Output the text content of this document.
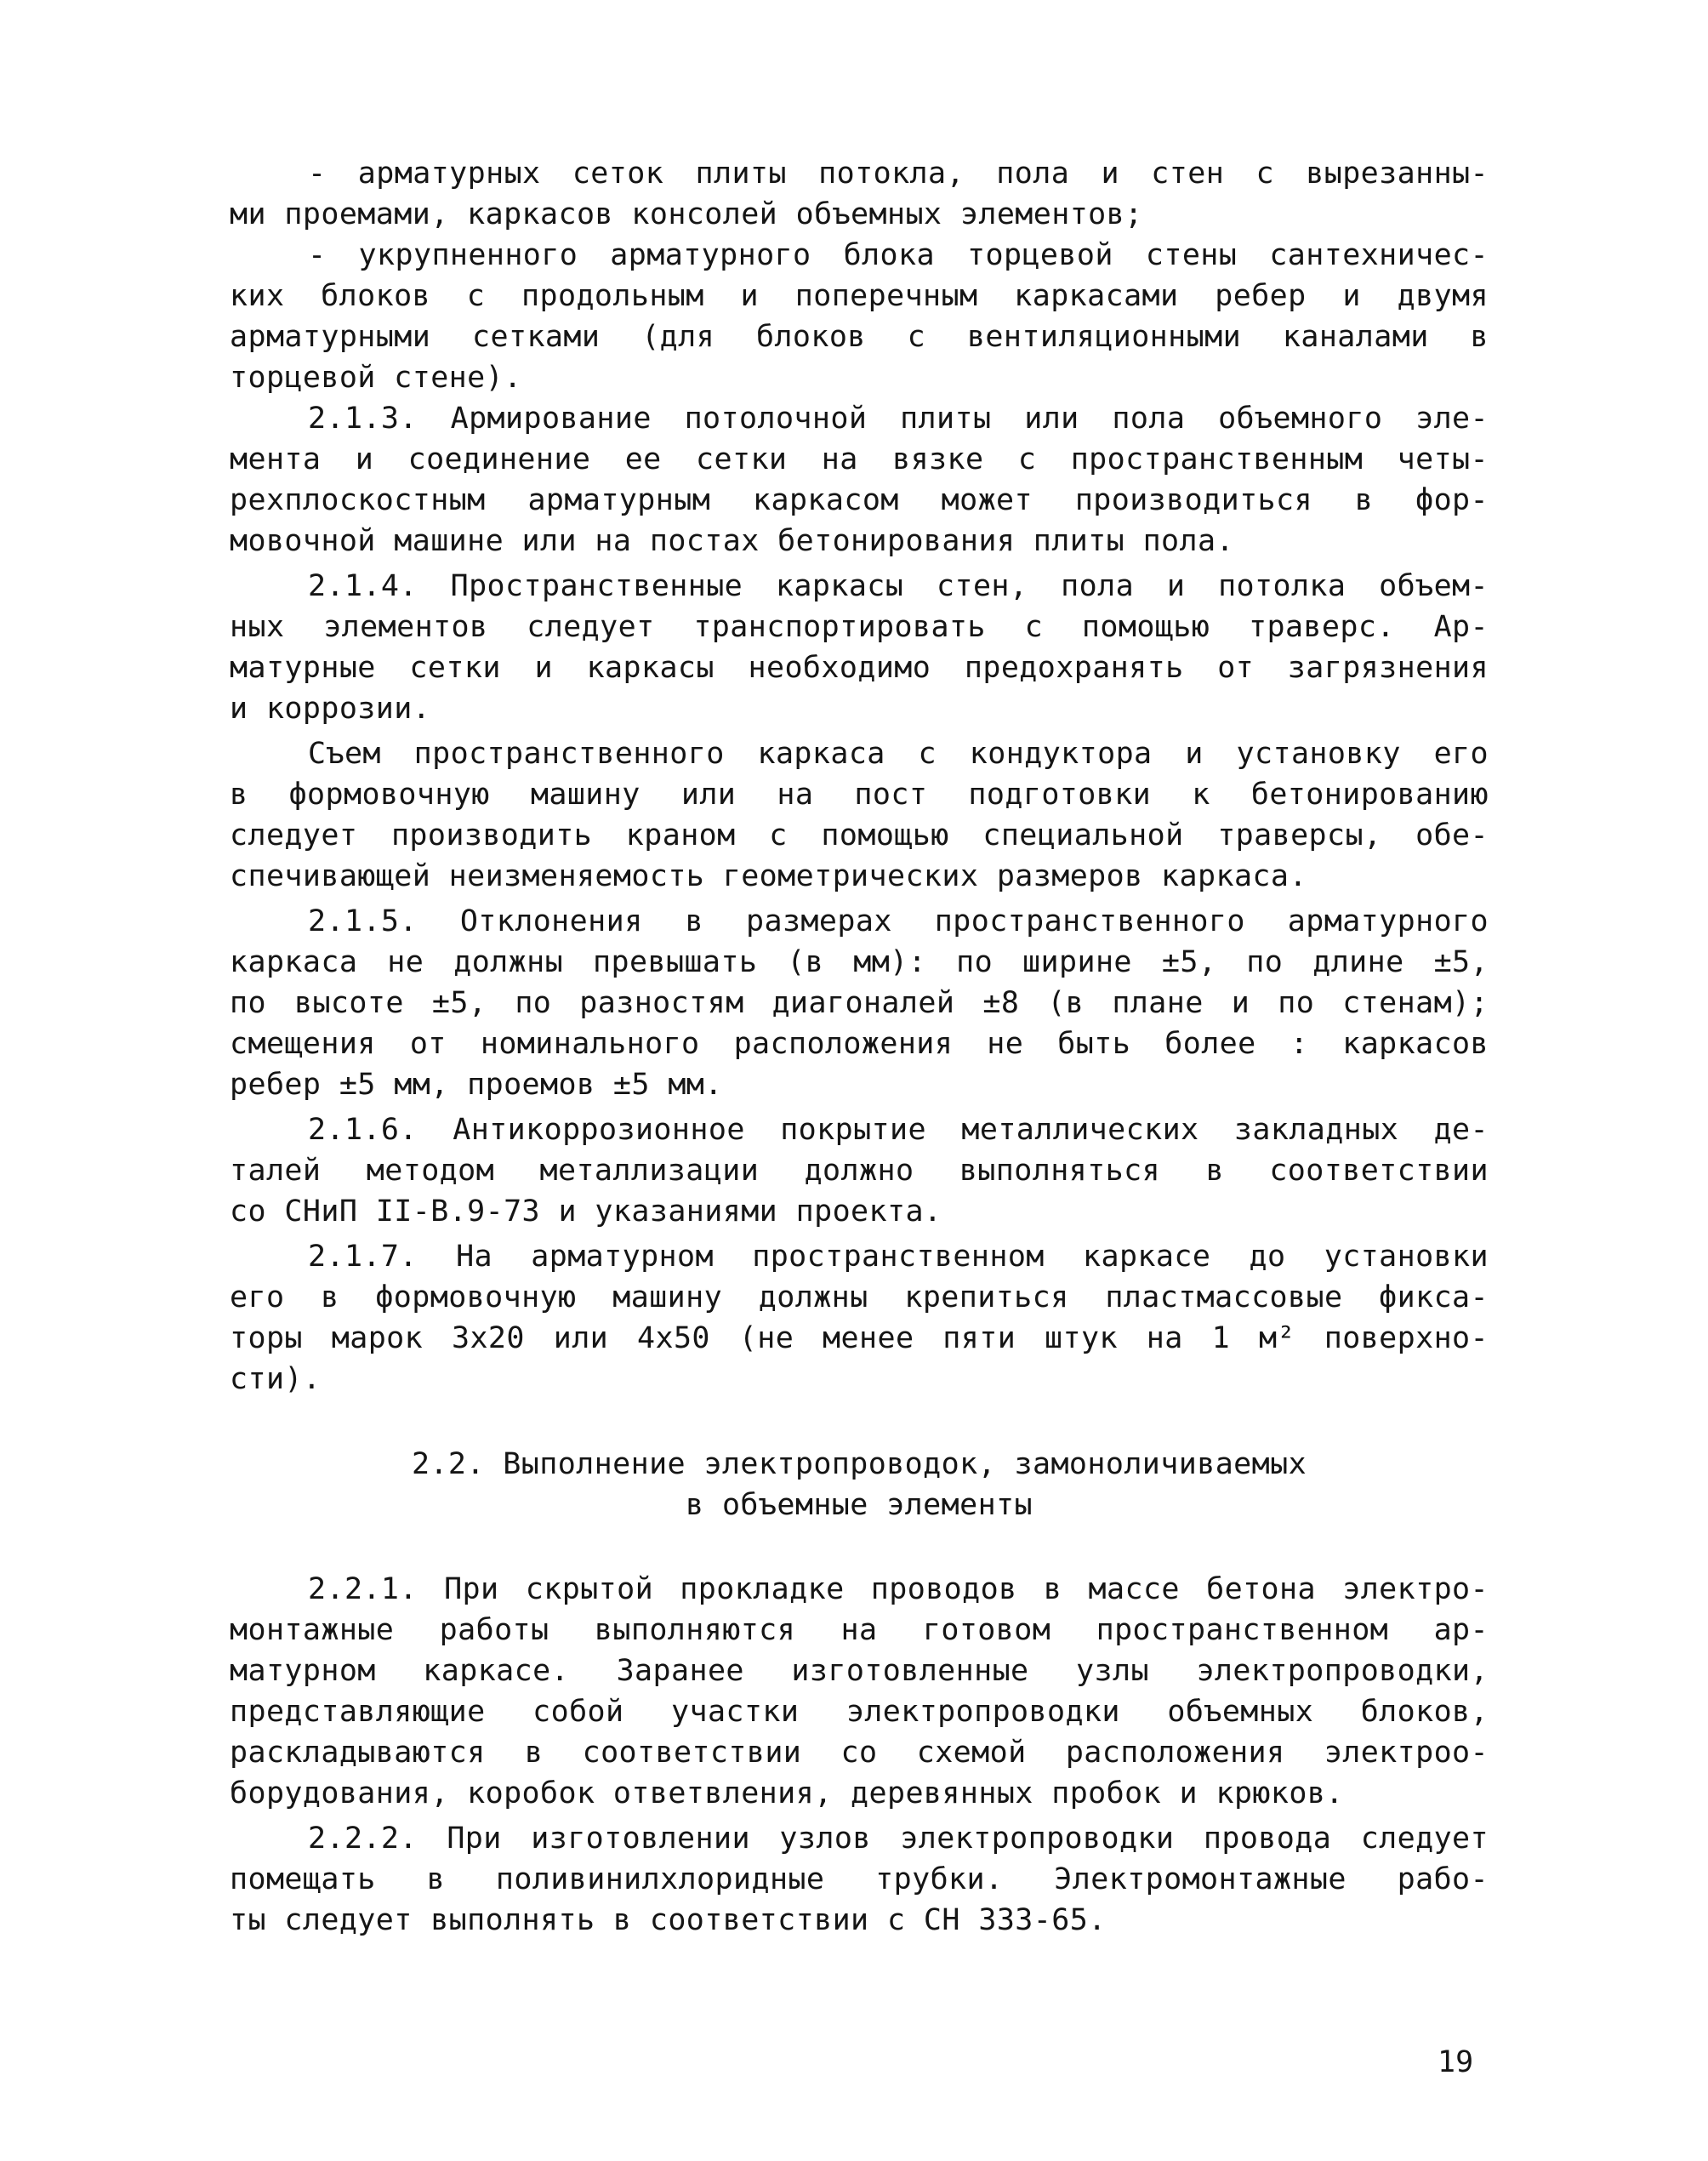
- арматурных сеток плиты потокла, пола и стен с вырезанны-
ми проемами, каркасов консолей объемных элементов;
- укрупненного арматурного блока торцевой стены сантехничес-
ких блоков с продольным и поперечным каркасами ребер и двумя
арматурными сетками (для блоков с вентиляционными каналами в
торцевой стене).
2.1.3. Армирование потолочной плиты или пола объемного эле-
мента и соединение ее сетки на вязке с пространственным четы-
рехплоскостным арматурным каркасом может производиться в фор-
мовочной машине или на постах бетонирования плиты пола.
2.1.4. Пространственные каркасы стен, пола и потолка объем-
ных элементов следует транспортировать с помощью траверс. Ар-
матурные сетки и каркасы необходимо предохранять от загрязнения
и коррозии.
Съем пространственного каркаса с кондуктора и установку его
в формовочную машину или на пост подготовки к бетонированию
следует производить краном с помощью специальной траверсы, обе-
спечивающей неизменяемость геометрических размеров каркаса.
2.1.5. Отклонения в размерах пространственного арматурного
каркаса не должны превышать (в мм): по ширине ±5, по длине ±5,
по высоте ±5, по разностям диагоналей ±8 (в плане и по стенам);
смещения от номинального расположения не быть более : каркасов
ребер ±5 мм, проемов ±5 мм.
2.1.6. Антикоррозионное покрытие металлических закладных де-
талей методом металлизации должно выполняться в соответствии
со СНиП II-В.9-73 и указаниями проекта.
2.1.7. На арматурном пространственном каркасе до установки
его в формовочную машину должны крепиться пластмассовые фикса-
торы марок 3х20 или 4х50 (не менее пяти штук на 1 м² поверхно-
сти).
2.2. Выполнение электропроводок, замоноличиваемых
в объемные элементы
2.2.1. При скрытой прокладке проводов в массе бетона электро-
монтажные работы выполняются на готовом пространственном ар-
матурном каркасе. Заранее изготовленные узлы электропроводки,
представляющие собой участки электропроводки объемных блоков,
раскладываются в соответствии со схемой расположения электроо-
борудования, коробок ответвления, деревянных пробок и крюков.
2.2.2. При изготовлении узлов электропроводки провода следует
помещать в поливинилхлоридные трубки. Электромонтажные рабо-
ты следует выполнять в соответствии с СН 333-65.
19
